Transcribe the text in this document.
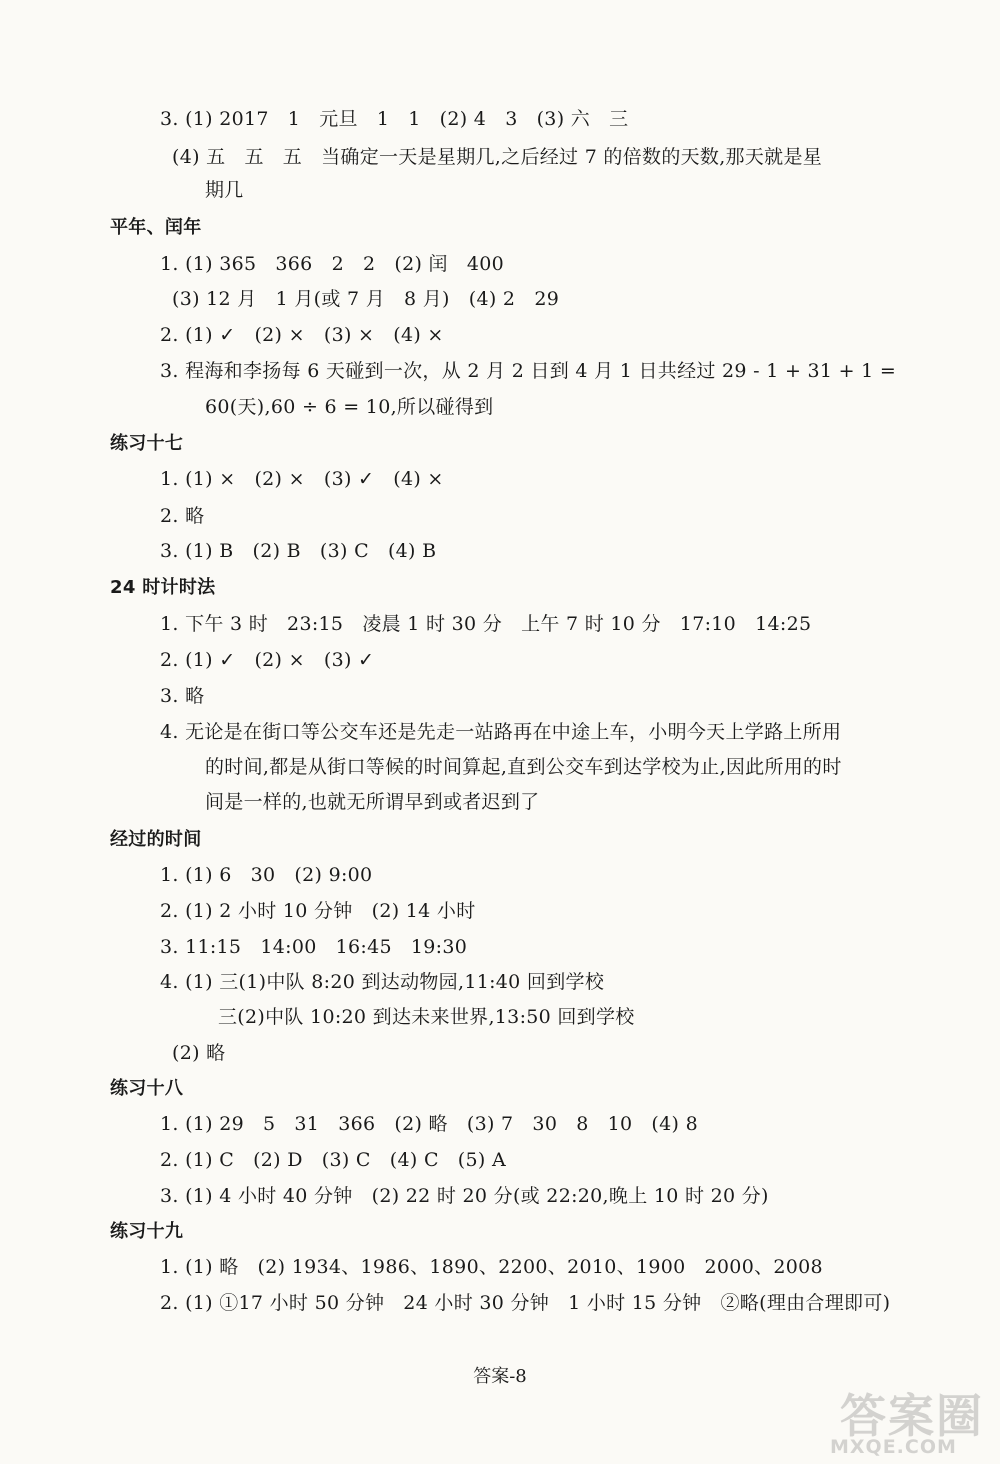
3. (1) 2017   1   元旦   1   1   (2) 4   3   (3) 六   三
(4) 五   五   五   当确定一天是星期几,之后经过 7 的倍数的天数,那天就是星
期几
平年、闰年
1. (1) 365   366   2   2   (2) 闰   400
(3) 12 月   1 月(或 7 月   8 月)   (4) 2   29
2. (1) ✓   (2) ×   (3) ×   (4) ×
3. 程海和李扬每 6 天碰到一次，从 2 月 2 日到 4 月 1 日共经过 29 - 1 + 31 + 1 =
60(天),60 ÷ 6 = 10,所以碰得到
练习十七
1. (1) ×   (2) ×   (3) ✓   (4) ×
2. 略
3. (1) B   (2) B   (3) C   (4) B
24 时计时法
1. 下午 3 时   23:15   凌晨 1 时 30 分   上午 7 时 10 分   17:10   14:25
2. (1) ✓   (2) ×   (3) ✓
3. 略
4. 无论是在街口等公交车还是先走一站路再在中途上车，小明今天上学路上所用
的时间,都是从街口等候的时间算起,直到公交车到达学校为止,因此所用的时
间是一样的,也就无所谓早到或者迟到了
经过的时间
1. (1) 6   30   (2) 9:00
2. (1) 2 小时 10 分钟   (2) 14 小时
3. 11:15   14:00   16:45   19:30
4. (1) 三(1)中队 8:20 到达动物园,11:40 回到学校
三(2)中队 10:20 到达未来世界,13:50 回到学校
(2) 略
练习十八
1. (1) 29   5   31   366   (2) 略   (3) 7   30   8   10   (4) 8
2. (1) C   (2) D   (3) C   (4) C   (5) A
3. (1) 4 小时 40 分钟   (2) 22 时 20 分(或 22:20,晚上 10 时 20 分)
练习十九
1. (1) 略   (2) 1934、1986、1890、2200、2010、1900   2000、2008
2. (1) ①17 小时 50 分钟   24 小时 30 分钟   1 小时 15 分钟   ②略(理由合理即可)
答案-8
答案圈
MXQE.COM
